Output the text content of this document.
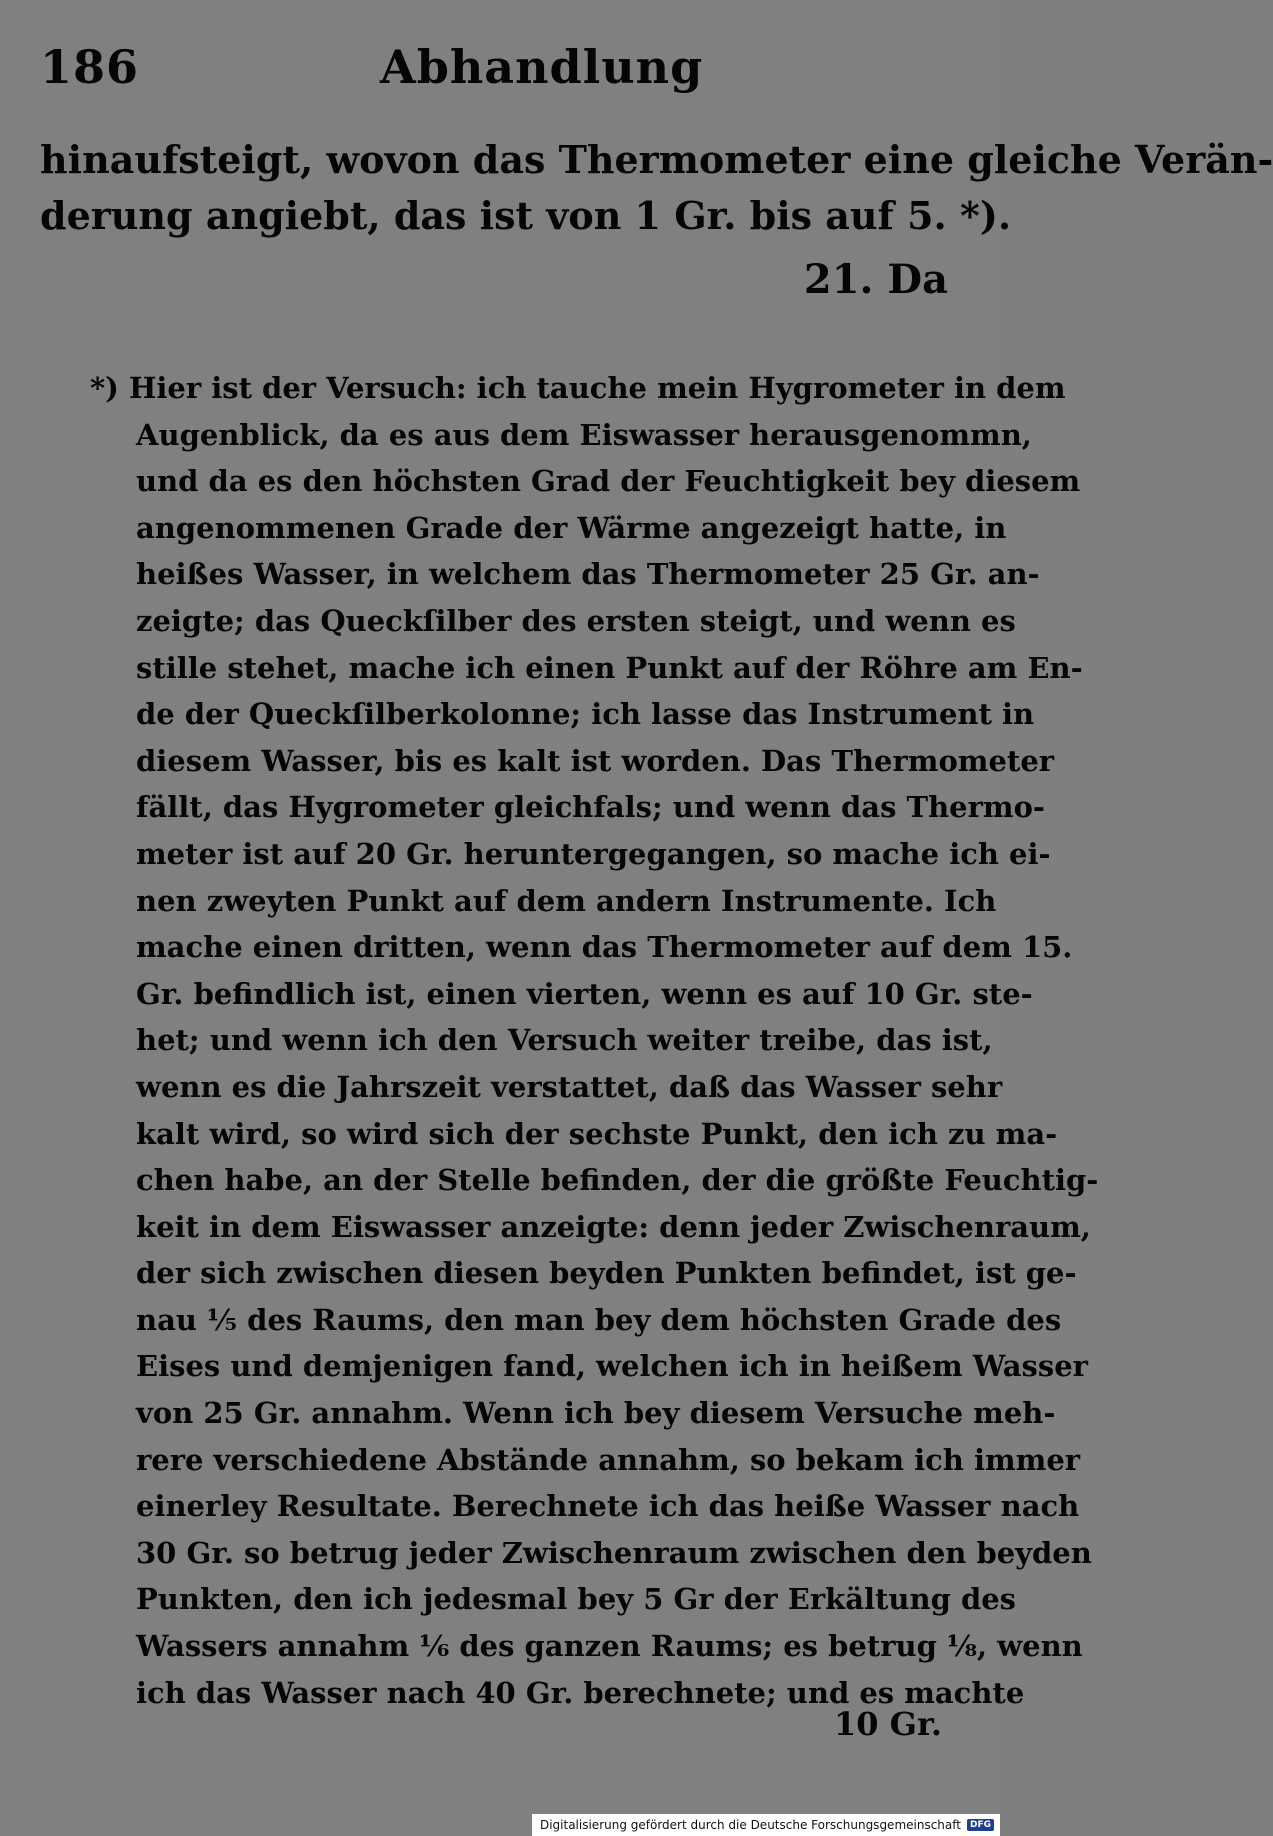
186	Abhandlung
hinaufsteigt, wovon das Thermometer eine gleiche Verän-
derung angiebt, das ist von 1 Gr. bis auf 5. *).
21. Da
*) Hier ist der Versuch: ich tauche mein Hygrometer in dem
Augenblick, da es aus dem Eiswasser herausgenommn,
und da es den höchsten Grad der Feuchtigkeit bey diesem
angenommenen Grade der Wärme angezeigt hatte, in
heißes Wasser, in welchem das Thermometer 25 Gr. an-
zeigte; das Queckſilber des ersten steigt, und wenn es
stille stehet, mache ich einen Punkt auf der Röhre am En-
de der Queckſilberkolonne; ich lasse das Instrument in
diesem Wasser, bis es kalt ist worden. Das Thermometer
fällt, das Hygrometer gleichfals; und wenn das Thermo-
meter ist auf 20 Gr. heruntergegangen, so mache ich ei-
nen zweyten Punkt auf dem andern Instrumente. Ich
mache einen dritten, wenn das Thermometer auf dem 15.
Gr. befindlich ist, einen vierten, wenn es auf 10 Gr. ste-
het; und wenn ich den Versuch weiter treibe, das ist,
wenn es die Jahrszeit verstattet, daß das Wasser sehr
kalt wird, so wird sich der sechste Punkt, den ich zu ma-
chen habe, an der Stelle befinden, der die größte Feuchtig-
keit in dem Eiswasser anzeigte: denn jeder Zwischenraum,
der sich zwischen diesen beyden Punkten befindet, ist ge-
nau ⅕ des Raums, den man bey dem höchsten Grade des
Eises und demjenigen fand, welchen ich in heißem Wasser
von 25 Gr. annahm. Wenn ich bey diesem Versuche meh-
rere verschiedene Abstände annahm, so bekam ich immer
einerley Resultate. Berechnete ich das heiße Wasser nach
30 Gr. so betrug jeder Zwischenraum zwischen den beyden
Punkten, den ich jedesmal bey 5 Gr der Erkältung des
Wassers annahm ⅙ des ganzen Raums; es betrug ⅛, wenn
ich das Wasser nach 40 Gr. berechnete; und es machte
10 Gr.
Digitalisierung gefördert durch die Deutsche Forschungsgemeinschaft	DFG
